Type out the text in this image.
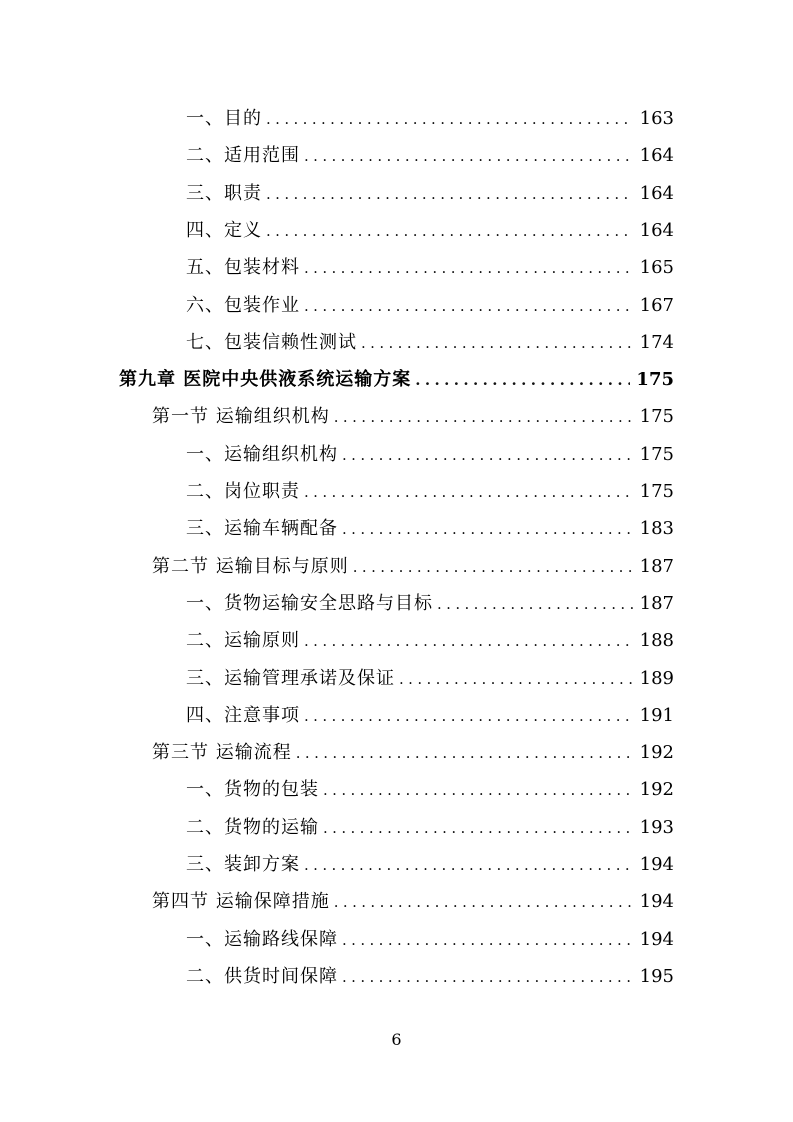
一、目的 .....	163
二、适用范围 .....	164
三、职责 .....	164
四、定义 .....	164
五、包装材料 .....	165
六、包装作业 .....	167
七、包装信赖性测试 .....	174
第九章 医院中央供液系统运输方案 .....	175
第一节 运输组织机构 .....	175
一、运输组织机构 .....	175
二、岗位职责 .....	175
三、运输车辆配备 .....	183
第二节 运输目标与原则 .....	187
一、货物运输安全思路与目标 .....	187
二、运输原则 .....	188
三、运输管理承诺及保证 .....	189
四、注意事项 .....	191
第三节 运输流程 .....	192
一、货物的包装 .....	192
二、货物的运输 .....	193
三、装卸方案 .....	194
第四节 运输保障措施 .....	194
一、运输路线保障 .....	194
二、供货时间保障 .....	195
6
